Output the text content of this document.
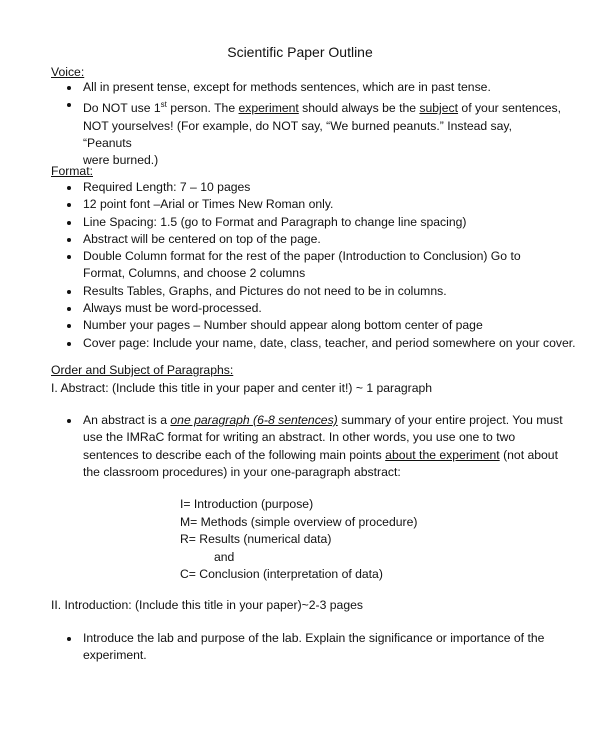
Scientific Paper Outline
Voice:
All in present tense, except for methods sentences, which are in past tense.
Do NOT use 1st person. The experiment should always be the subject of your sentences,
NOT yourselves! (For example, do NOT say, “We burned peanuts.” Instead say, “Peanuts
were burned.)
Format:
Required Length: 7 – 10 pages
12 point font –Arial or Times New Roman only.
Line Spacing: 1.5 (go to Format and Paragraph to change line spacing)
Abstract will be centered on top of the page.
Double Column format for the rest of the paper (Introduction to Conclusion) Go to
Format, Columns, and choose 2 columns
Results Tables, Graphs, and Pictures do not need to be in columns.
Always must be word-processed.
Number your pages – Number should appear along bottom center of page
Cover page: Include your name, date, class, teacher, and period somewhere on your cover.
Order and Subject of Paragraphs:
I. Abstract: (Include this title in your paper and center it!) ~ 1 paragraph
An abstract is a one paragraph (6-8 sentences) summary of your entire project. You must
use the IMRaC format for writing an abstract. In other words, you use one to two
sentences to describe each of the following main points about the experiment (not about
the classroom procedures) in your one-paragraph abstract:
I= Introduction (purpose)
M= Methods (simple overview of procedure)
R= Results (numerical data)
and
C= Conclusion (interpretation of data)
II. Introduction: (Include this title in your paper)~2-3 pages
Introduce the lab and purpose of the lab. Explain the significance or importance of the
experiment.
